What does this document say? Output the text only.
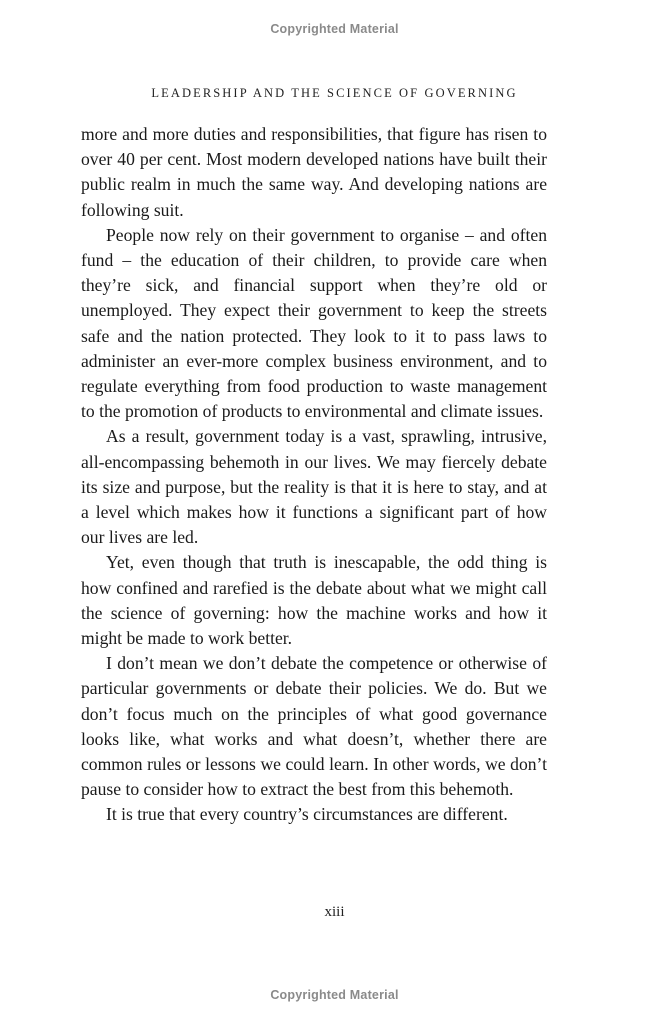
Copyrighted Material
LEADERSHIP AND THE SCIENCE OF GOVERNING

more and more duties and responsibilities, that figure has risen to over 40 per cent. Most modern developed nations have built their public realm in much the same way. And developing nations are following suit.

People now rely on their government to organise – and often fund – the education of their children, to provide care when they’re sick, and financial support when they’re old or unemployed. They expect their government to keep the streets safe and the nation protected. They look to it to pass laws to administer an ever-more complex business environment, and to regulate everything from food production to waste management to the promotion of products to environmental and climate issues.

As a result, government today is a vast, sprawling, intrusive, all-encompassing behemoth in our lives. We may fiercely debate its size and purpose, but the reality is that it is here to stay, and at a level which makes how it functions a significant part of how our lives are led.

Yet, even though that truth is inescapable, the odd thing is how confined and rarefied is the debate about what we might call the science of governing: how the machine works and how it might be made to work better.

I don’t mean we don’t debate the competence or otherwise of particular governments or debate their policies. We do. But we don’t focus much on the principles of what good governance looks like, what works and what doesn’t, whether there are common rules or lessons we could learn. In other words, we don’t pause to consider how to extract the best from this behemoth.

It is true that every country’s circumstances are different.

xiii
Copyrighted Material
